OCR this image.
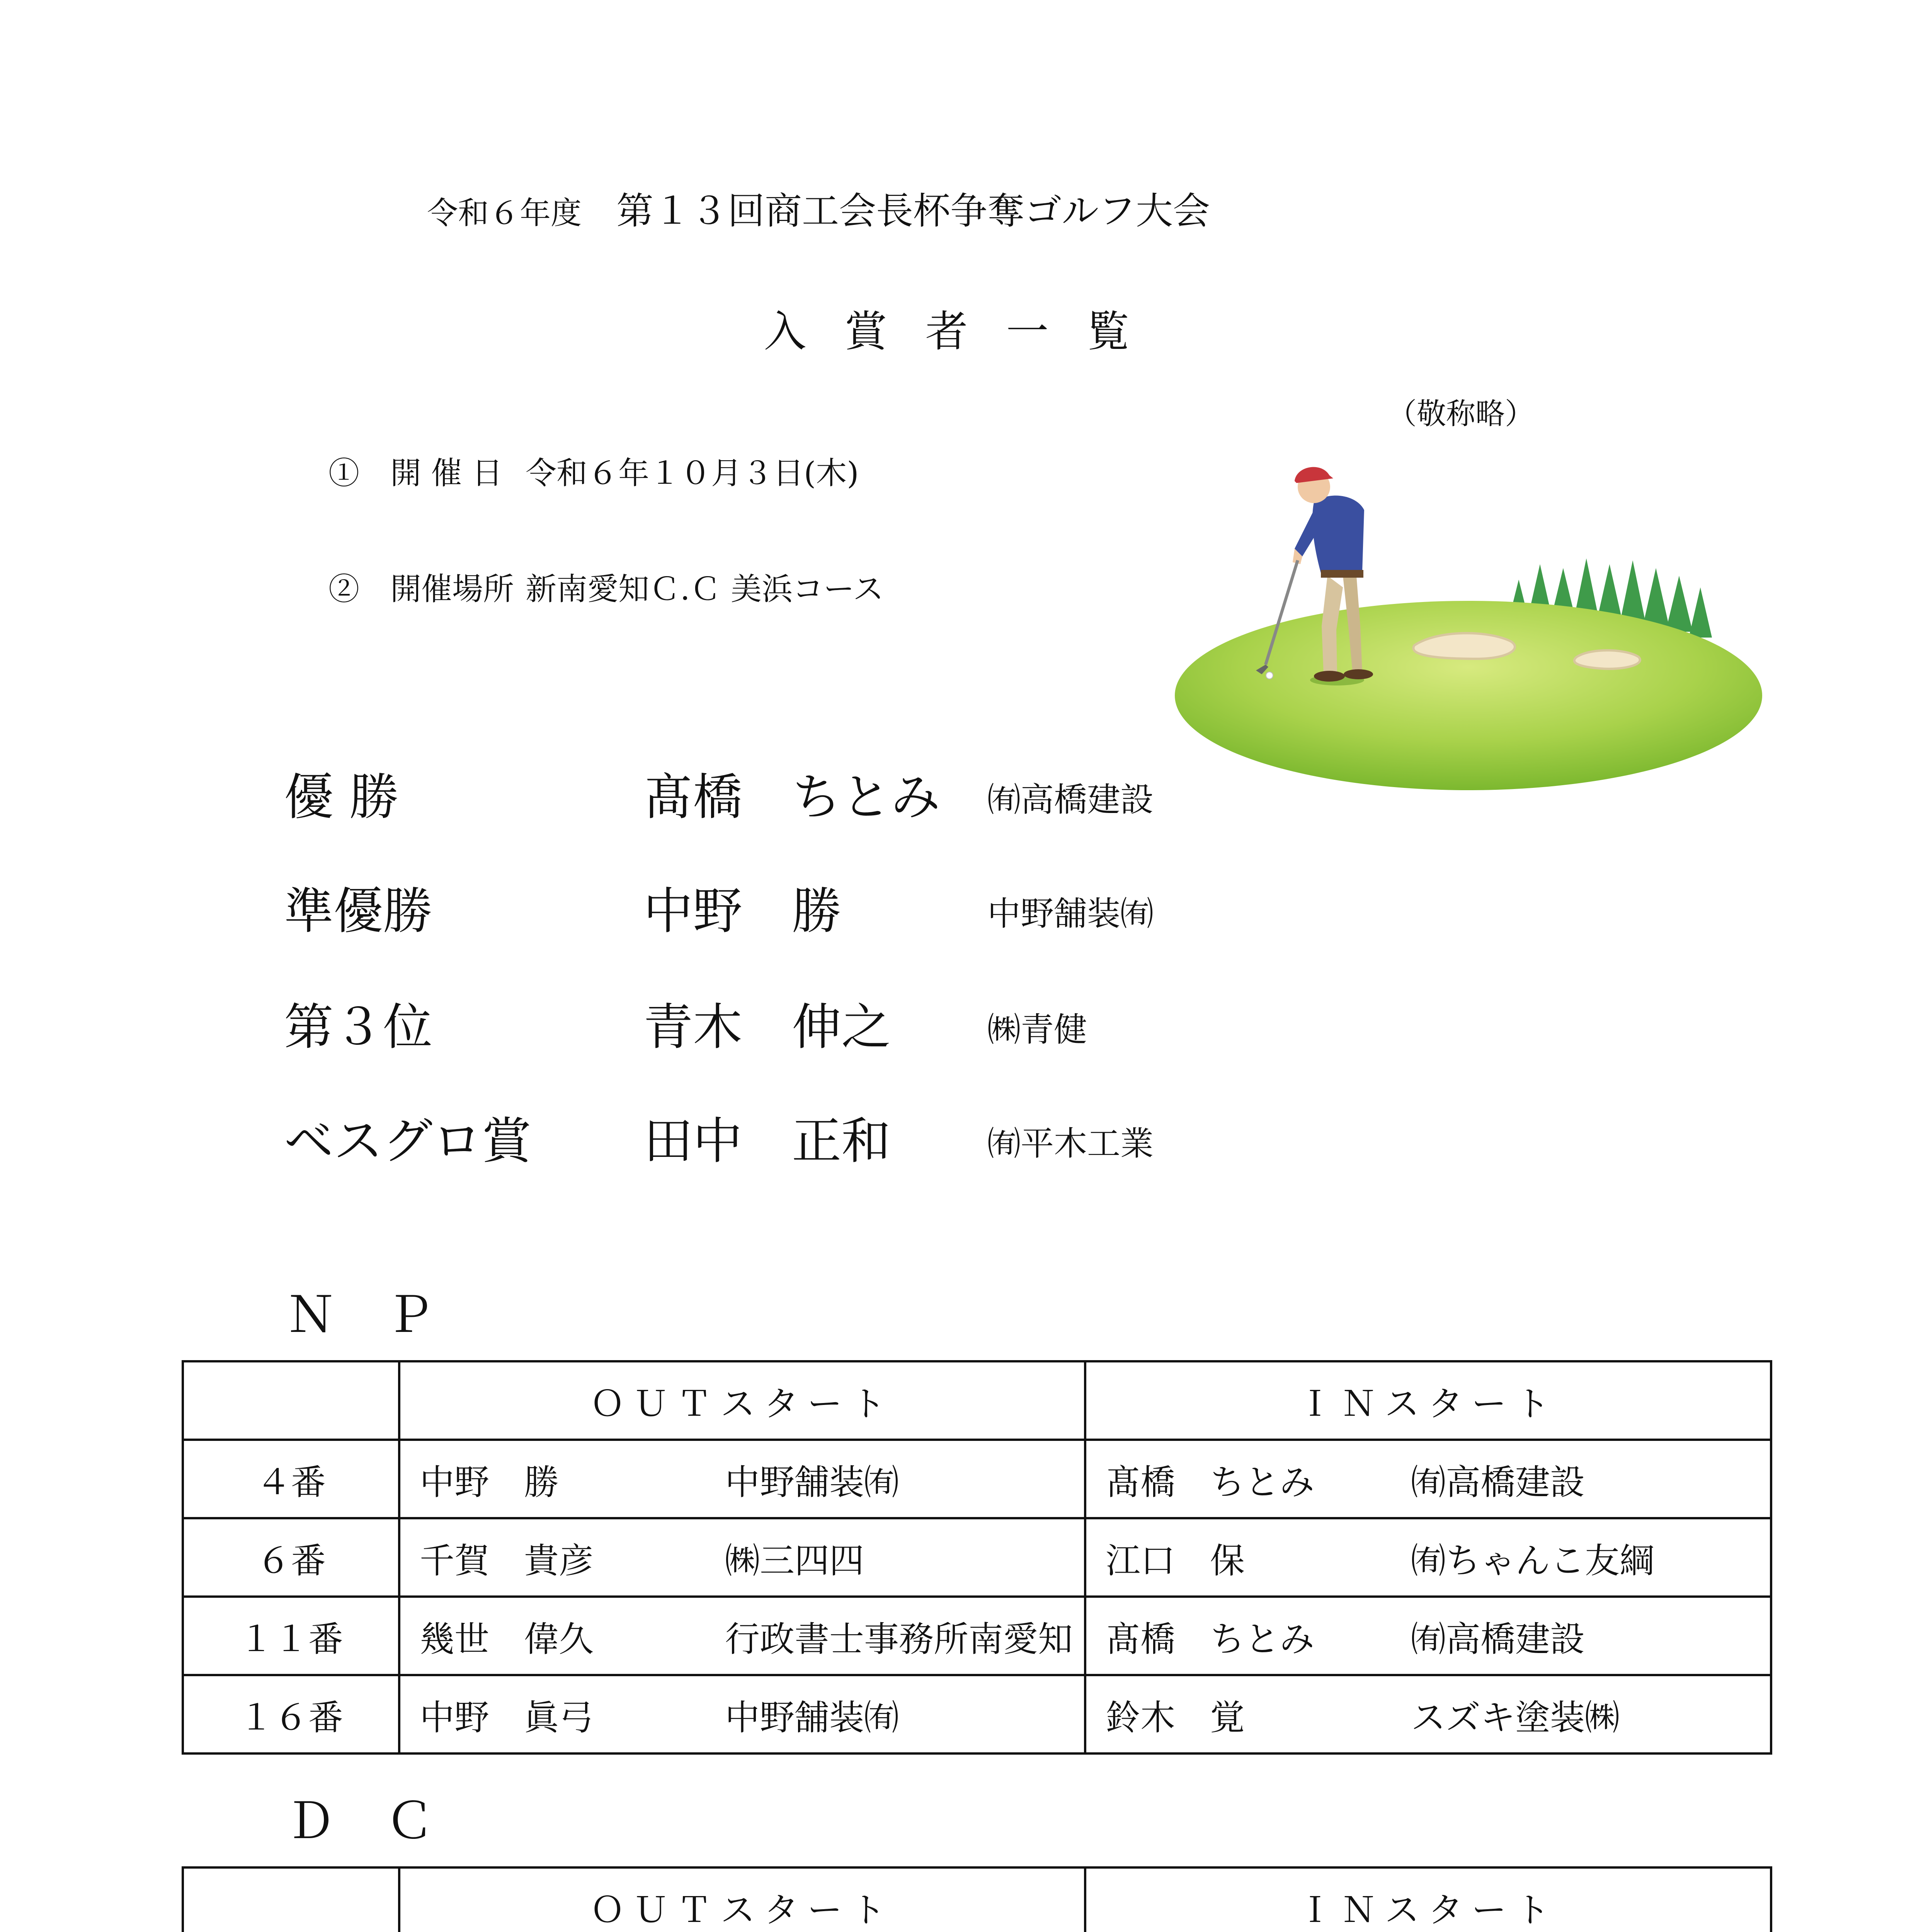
令和６年度 第１３回商工会長杯争奪ゴルフ大会
入賞者一覧
（敬称略）
①　開 催 日 令和６年１０月３日(木)
②　開催場所 新南愛知Ｃ.Ｃ 美浜コース
優 勝	髙橋　ちとみ ㈲高橋建設
準優勝	中野　勝	中野舗装㈲
第３位	青木　伸之	㈱青健
ベスグロ賞 田中　正和	㈲平木工業
ＮＰ
	ＯＵＴスタート	ＩＮスタート
４番	中野　勝 中野舗装㈲	髙橋　ちとみ ㈲高橋建設
６番	千賀　貴彦 ㈱三四四	江口　保 ㈲ちゃんこ友綱
１１番	幾世　偉久 行政書士事務所南愛知	髙橋　ちとみ ㈲高橋建設
１６番	中野　眞弓 中野舗装㈲	鈴木　覚 スズキ塗装㈱
ＤＣ
	ＯＵＴスタート	ＩＮスタート
